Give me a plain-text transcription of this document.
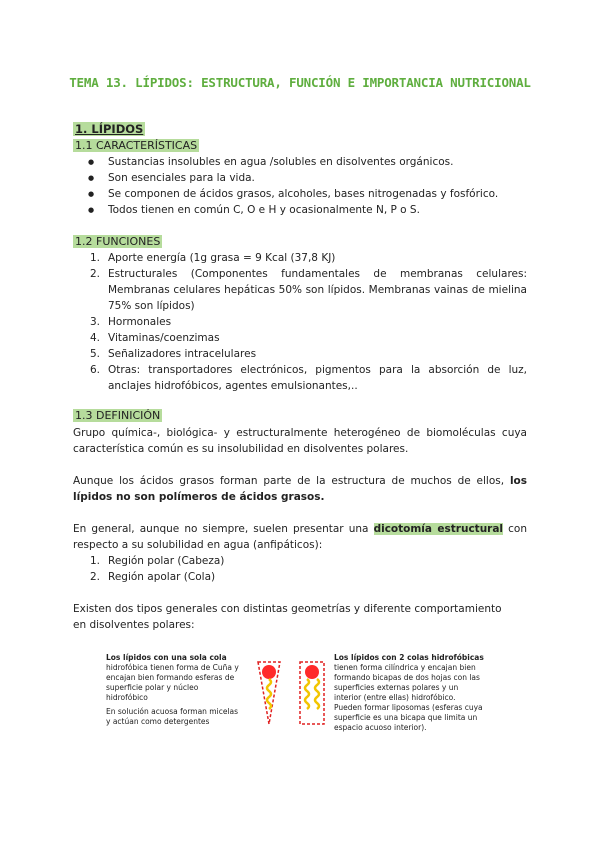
TEMA 13. LÍPIDOS: ESTRUCTURA, FUNCIÓN E IMPORTANCIA NUTRICIONAL
1. LÍPIDOS
1.1 CARACTERÍSTICAS
● Sustancias insolubles en agua /solubles en disolventes orgánicos.
● Son esenciales para la vida.
● Se componen de ácidos grasos, alcoholes, bases nitrogenadas y fosfórico.
● Todos tienen en común C, O e H y ocasionalmente N, P o S.
1.2 FUNCIONES
1. Aporte energía (1g grasa = 9 Kcal (37,8 KJ)
2. Estructurales (Componentes fundamentales de membranas celulares: Membranas celulares hepáticas 50% son lípidos. Membranas vainas de mielina 75% son lípidos)
3. Hormonales
4. Vitaminas/coenzimas
5. Señalizadores intracelulares
6. Otras: transportadores electrónicos, pigmentos para la absorción de luz, anclajes hidrofóbicos, agentes emulsionantes,..
1.3 DEFINICIÓN
Grupo química-, biológica- y estructuralmente heterogéneo de biomoléculas cuya característica común es su insolubilidad en disolventes polares.
Aunque los ácidos grasos forman parte de la estructura de muchos de ellos, los lípidos no son polímeros de ácidos grasos.
En general, aunque no siempre, suelen presentar una dicotomía estructural con respecto a su solubilidad en agua (anfipáticos):
1. Región polar (Cabeza)
2. Región apolar (Cola)
Existen dos tipos generales con distintas geometrías y diferente comportamiento
en disolventes polares:
Los lípidos con una sola cola
hidrofóbica tienen forma de Cuña y
encajan bien formando esferas de
superficie polar y núcleo
hidrofóbico
En solución acuosa forman micelas
y actúan como detergentes
Los lípidos con 2 colas hidrofóbicas
tienen forma cilíndrica y encajan bien
formando bicapas de dos hojas con las
superficies externas polares y un
interior (entre ellas) hidrofóbico.
Pueden formar liposomas (esferas cuya
superficie es una bicapa que limita un
espacio acuoso interior).
